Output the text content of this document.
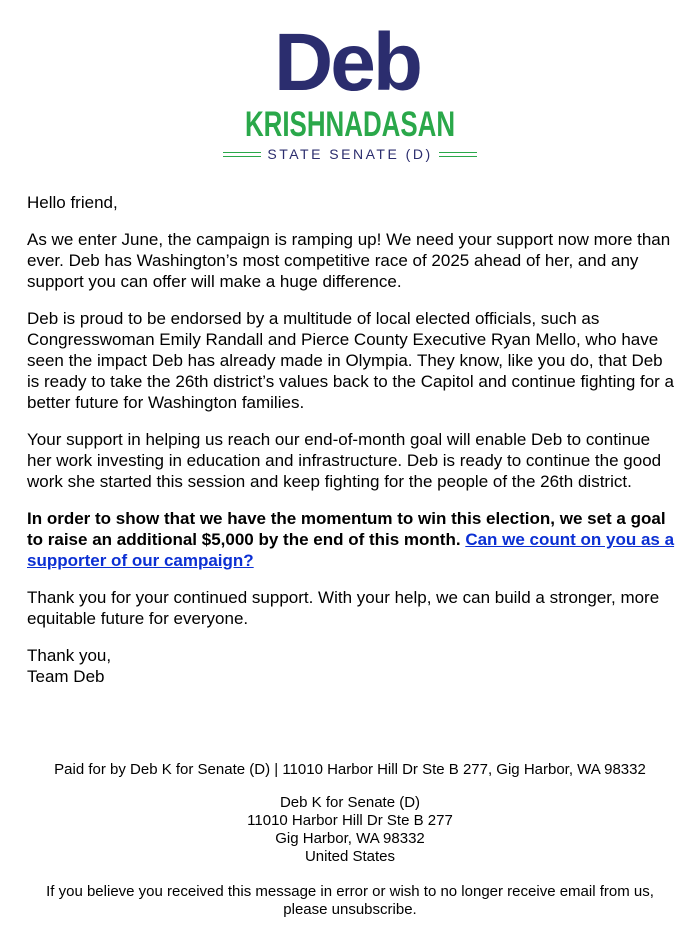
Deb
KRISHNADASAN
STATE SENATE (D)

Hello friend,

As we enter June, the campaign is ramping up! We need your support now more than ever. Deb has Washington’s most competitive race of 2025 ahead of her, and any support you can offer will make a huge difference.

Deb is proud to be endorsed by a multitude of local elected officials, such as Congresswoman Emily Randall and Pierce County Executive Ryan Mello, who have seen the impact Deb has already made in Olympia. They know, like you do, that Deb is ready to take the 26th district’s values back to the Capitol and continue fighting for a better future for Washington families.

Your support in helping us reach our end-of-month goal will enable Deb to continue her work investing in education and infrastructure. Deb is ready to continue the good work she started this session and keep fighting for the people of the 26th district.

In order to show that we have the momentum to win this election, we set a goal to raise an additional $5,000 by the end of this month. Can we count on you as a supporter of our campaign?

Thank you for your continued support. With your help, we can build a stronger, more equitable future for everyone.

Thank you,
Team Deb

Paid for by Deb K for Senate (D) | 11010 Harbor Hill Dr Ste B 277, Gig Harbor, WA 98332
Deb K for Senate (D)
11010 Harbor Hill Dr Ste B 277
Gig Harbor, WA 98332
United States
If you believe you received this message in error or wish to no longer receive email from us,
please unsubscribe.
